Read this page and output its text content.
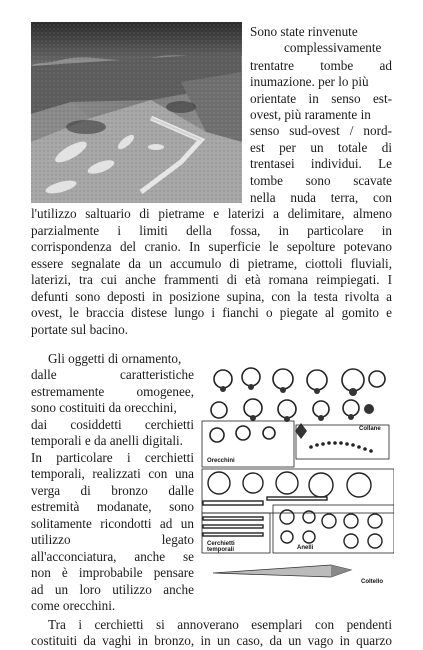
Sono state rinvenute
complessivamente
trentatre tombe ad
inumazione. per lo più
orientate in senso est-
ovest, più raramente in
senso sud-ovest / nord-
est per un totale di
trentasei individui. Le
tombe sono scavate
nella nuda terra, con
l'utilizzo saltuario di pietrame e laterizi a delimitare, almeno
parzialmente i limiti della fossa, in particolare in
corrispondenza del cranio. In superficie le sepolture potevano
essere segnalate da un accumulo di pietrame, ciottoli fluviali,
laterizi, tra cui anche frammenti di età romana reimpiegati. I
defunti sono deposti in posizione supina, con la testa rivolta a
ovest, le braccia distese lungo i fianchi o piegate al gomito e
portate sul bacino.
Gli oggetti di ornamento,
dalle caratteristiche
estremamente omogenee,
sono costituiti da orecchini,
dai cosiddetti cerchietti
temporali e da anelli digitali.
In particolare i cerchietti
temporali, realizzati con una
verga di bronzo dalle
estremità modanate, sono
solitamente ricondotti ad un
utilizzo legato
all'acconciatura, anche se
non è improbabile pensare
ad un loro utilizzo anche
come orecchini.
Tra i cerchietti si annoverano esemplari con pendenti
costituiti da vaghi in bronzo, in un caso, da un vago in quarzo
Collane
Orecchini
Cerchietti
temporali	Anelli
Coltello
